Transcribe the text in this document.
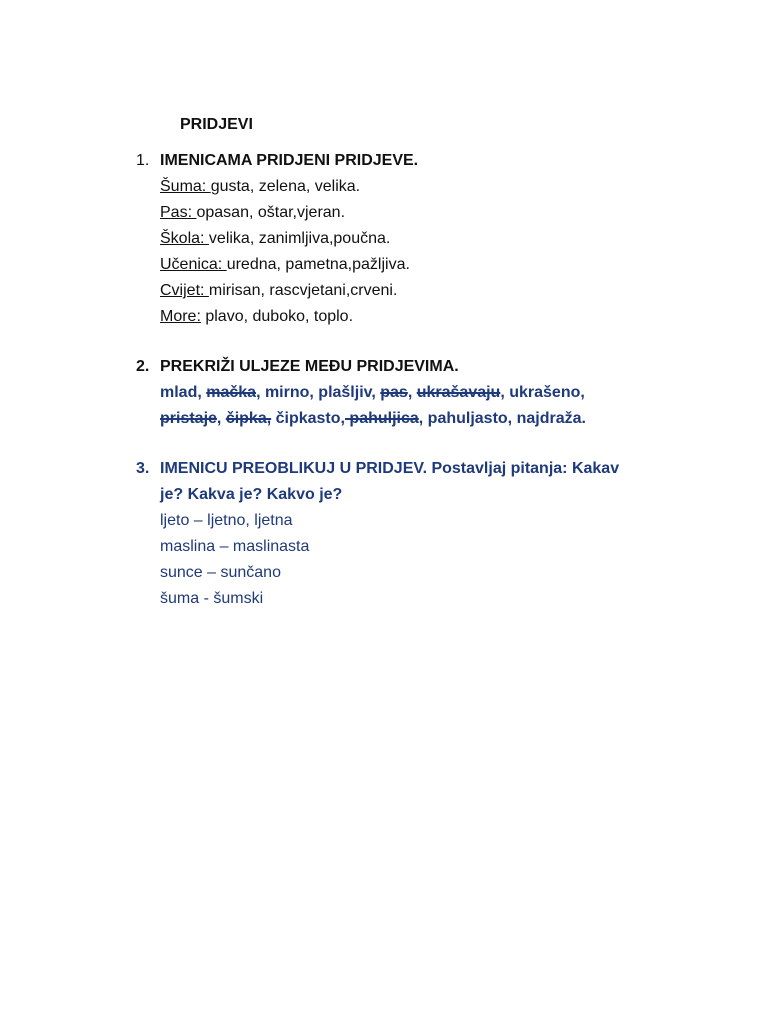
PRIDJEVI
1. IMENICAMA PRIDJENI PRIDJEVE.
Šuma: gusta, zelena, velika.
Pas: opasan, oštar,vjeran.
Škola: velika, zanimljiva,poučna.
Učenica: uredna, pametna,pažljiva.
Cvijet: mirisan, rascvjetani,crveni.
More: plavo, duboko, toplo.
2. PREKRIŽI ULJEZE MEĐU PRIDJEVIMA.
mlad, mačka, mirno, plašljiv, pas, ukrašavaju, ukrašeno,
pristaje, čipka, čipkasto, pahuljica, pahuljasto, najdraža.
3. IMENICU PREOBLIKUJ U PRIDJEV. Postavljaj pitanja: Kakav
je? Kakva je? Kakvo je?
ljeto – ljetno, ljetna
maslina – maslinasta
sunce – sunčano
šuma - šumski
